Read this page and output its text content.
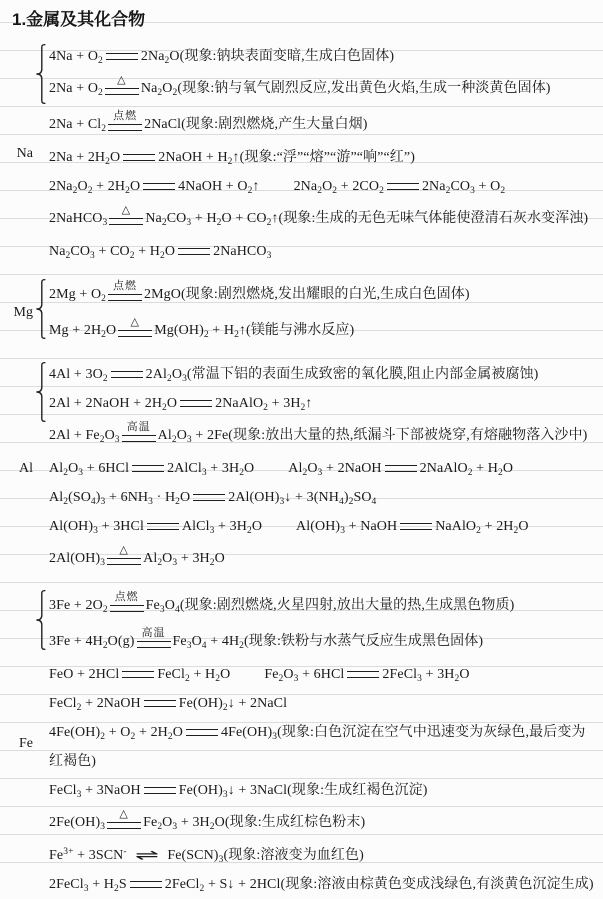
1.金属及其化合物
Na
$4Na + O_2$	$2Na_2O$(现象:钠块表面变暗,生成白色固体)
$2Na + O_2$
△
$Na_2O_2$(现象:钠与氧气剧烈反应,发出黄色火焰,生成一种淡黄色固体)
$2Na + Cl_2$
点燃
2NaCl(现象:剧烈燃烧,产生大量白烟)
$2Na + 2H_2O$	2NaOH + $H_2↑$(现象:“浮”“熔”“游”“响”“红”)
$2Na_2O_2 + 2H_2O$	4NaOH + $O_2↑$ $2Na_2O_2 + 2CO_2$	$2Na_2CO_3 + O_2$
2NaHCO$_3$
△
$Na_2CO_3 + H_2O$ + $CO_2↑$(现象:生成的无色无味气体能使澄清石灰水变浑浊)
$Na_2CO_3 + CO_2 + H_2O$	2NaHCO$_3$
Mg
$2Mg + O_2$
点燃
2MgO(现象:剧烈燃烧,发出耀眼的白光,生成白色固体)
$Mg + 2H_2O$
△
$Mg(OH)_2$ + $H_2↑$(镁能与沸水反应)
Al
$4Al + 3O_2$	$2Al_2O_3$(常温下铝的表面生成致密的氧化膜,阻止内部金属被腐蚀)
2Al + 2NaOH + $2H_2O$	2NaAlO$_2$ + $3H_2↑$
$2Al + Fe_2O_3$
高温
$Al_2O_3 + 2Fe$(现象:放出大量的热,纸漏斗下部被烧穿,有熔融物落入沙中)
$Al_2O_3 + 6HCl$	2AlCl$_3$ + $3H_2O$ $Al_2O_3$ + 2NaOH	2NaAlO$_2$ + $H_2O$
$Al_2(SO_4)_3 + 6NH_3 \cdot H_2O$	$2Al(OH)_3↓ + 3(NH_4)_2SO_4$
$Al(OH)_3 + 3HCl$	AlCl$_3$ + $3H_2O$ $Al(OH)_3$ + NaOH	NaAlO$_2$ + $2H_2O$
$2Al(OH)_3$
△
$Al_2O_3 + 3H_2O$
Fe
$3Fe + 2O_2$
点燃
$Fe_3O_4$(现象:剧烈燃烧,火星四射,放出大量的热,生成黑色物质)
$3Fe + 4H_2O(g)$
高温
$Fe_3O_4 + 4H_2$(现象:铁粉与水蒸气反应生成黑色固体)
FeO + 2HCl	FeCl$_2$ + $H_2O$ $Fe_2O_3 + 6HCl$	2FeCl$_3$ + $3H_2O$
FeCl$_2$ + 2NaOH	$Fe(OH)_2↓$ + 2NaCl
$4Fe(OH)_2 + O_2 + 2H_2O$	$4Fe(OH)_3$(现象:白色沉淀在空气中迅速变为灰绿色,最后变为红褐色)
FeCl$_3$ + 3NaOH	$Fe(OH)_3↓$ + 3NaCl(现象:生成红褐色沉淀)
$2Fe(OH)_3$
△
$Fe_2O_3 + 3H_2O$(现象:生成红棕色粉末)
$Fe^{3+} + 3SCN^-$ ⇌ $Fe(SCN)_3$(现象:溶液变为血红色)
2FeCl$_3$ + $H_2S$	2FeCl$_2$ + S↓ + 2HCl(现象:溶液由棕黄色变成浅绿色,有淡黄色沉淀生成)
